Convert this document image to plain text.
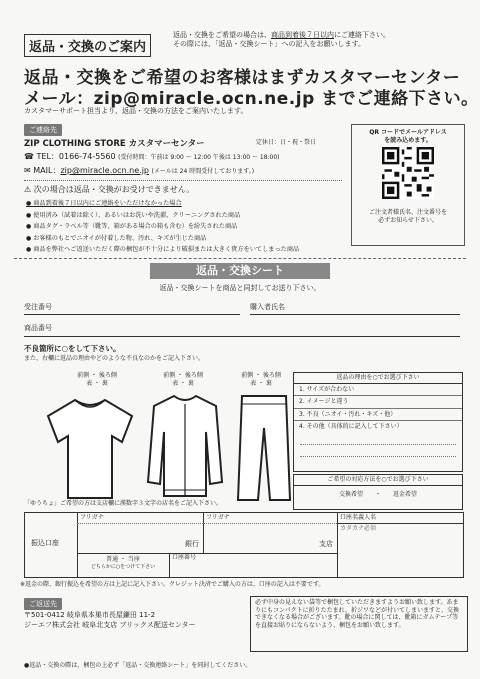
返品・交換のご案内
返品・交換をご希望の場合は、商品到着後７日以内にご連絡下さい。
その際には、「返品・交換シート」への記入をお願いします。
返品・交換をご希望のお客様はまずカスタマーセンター
メール：zip@miracle.ocn.ne.jp までご連絡下さい。
カスタマーサポート担当より、返品・交換の方法をご案内いたします。
ご連絡先
ZIP CLOTHING STORE カスタマーセンター	定休日：日・祝・祭日
☎ TEL：0166-74-5560 (受付時間：午前は 9:00 〜 12:00 午後は 13:00 〜 18:00)
✉ MAIL：zip@miracle.ocn.ne.jp (メールは 24 時間受付しております。)
QR コードでメールアドレス
を読み込めます。
ご注文者様氏名、注文番号を
必ずお知らせ下さい。
⚠ 次の場合は返品・交換がお受けできません。
● 商品到着後７日以内にご連絡をいただけなかった場合
● 使用済み（試着は除く）、あるいはお洗いや洗濯、クリーニングされた商品
● 商品タグ・ラベル等（靴等、箱がある場合の箱も含む）を紛失された商品
● お客様のもとでニオイが付着した物、汚れ、キズが生じた商品
● 商品を弊社へご返送いただく際の梱包が不十分により破損または大きく貴方をいてしまった商品
返品・交換シート
返品・交換シートを商品と同封してお送り下さい。
受注番号	購入者氏名
商品番号
不良箇所に○をして下さい。
また、右欄に返品の理由やどのような不良なのかをご記入下さい。
前側 ・ 後ろ側
表 ・ 裏
前側 ・ 後ろ側
表 ・ 裏
前側 ・ 後ろ側
表 ・ 裏
返品の理由を○でお選び下さい
1. サイズが合わない
2. イメージと違う
3. 不良（ニオイ・汚れ・キズ・他）
4. その他（具体的に記入して下さい）
ご希望の対応方法を○でお選び下さい
交換希望 ・ 返金希望
「ゆうちょ」ご希望の方は支店欄に漢数字３文字の店名をご記入下さい。
振込口座
フリガナ
銀行
フリガナ
支店
口座名義人名
カタカナ必須
普通 ・ 当座
どちらかに○をつけて下さい
口座番号
※返金の際、銀行振込を希望の方は上記に記入下さい。クレジット決済でご購入の方は、口座の記入は不要です。
ご返送先
〒501-0412 岐阜県本巣市長屋鎌田 11-2
ジーエフ株式会社 岐阜北支店 ブリックス配送センター
必ず中身の見えない袋等で梱包していただきますようお願い致します。あまりにもコンパクトに折りたたまれ、折ジワなどが付いてしまいますと、交換できなくなる場合がございます。靴の場合に関しては、靴箱にガムテープ等を直接お貼りにならないよう、梱包をお願い致します。
●返品・交換の際は、梱包の上必ず「返品・交換連絡シート」を同封してください。
